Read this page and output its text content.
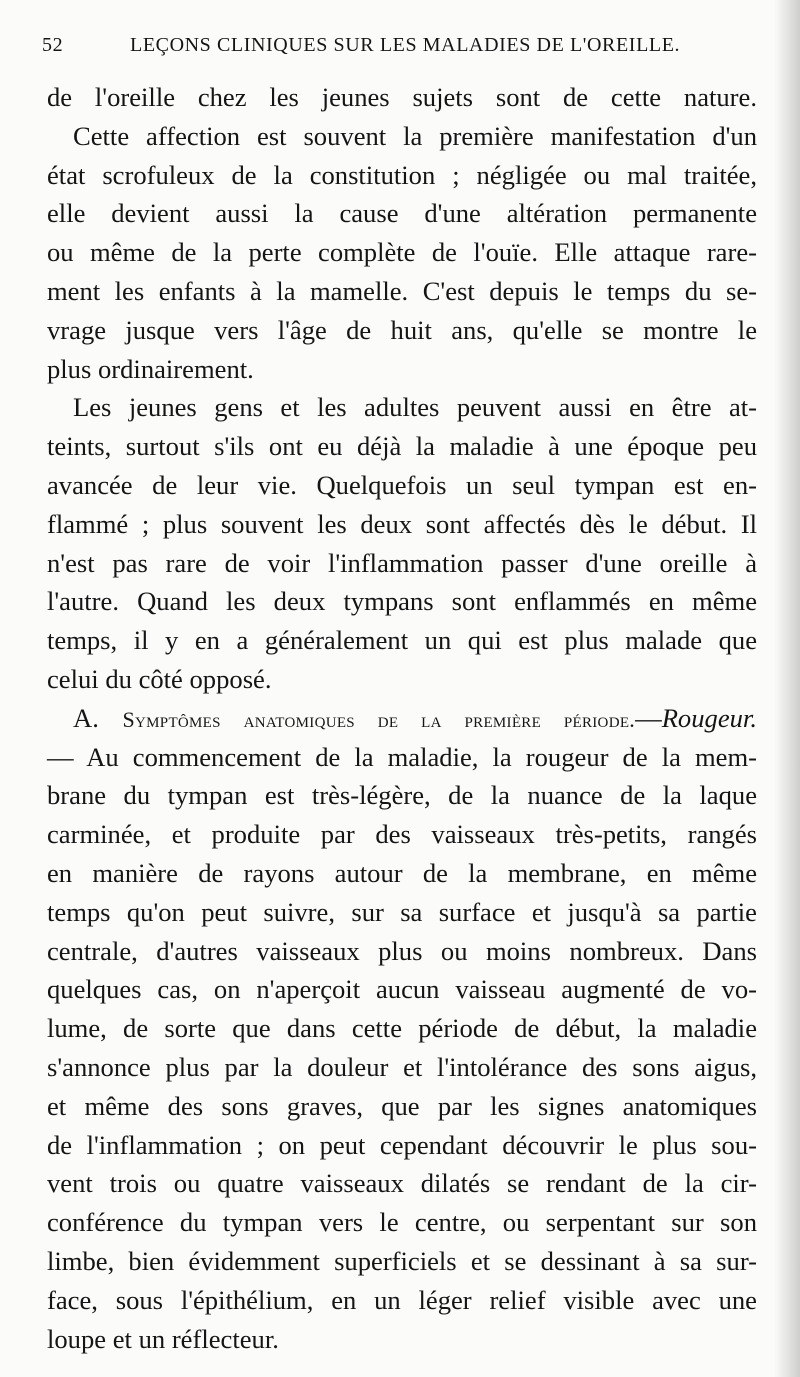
52	LEÇONS CLINIQUES SUR LES MALADIES DE L'OREILLE.
de l'oreille chez les jeunes sujets sont de cette nature.
Cette affection est souvent la première manifestation d'un
état scrofuleux de la constitution ; négligée ou mal traitée,
elle devient aussi la cause d'une altération permanente
ou même de la perte complète de l'ouïe. Elle attaque rare-
ment les enfants à la mamelle. C'est depuis le temps du se-
vrage jusque vers l'âge de huit ans, qu'elle se montre le
plus ordinairement.
Les jeunes gens et les adultes peuvent aussi en être at-
teints, surtout s'ils ont eu déjà la maladie à une époque peu
avancée de leur vie. Quelquefois un seul tympan est en-
flammé ; plus souvent les deux sont affectés dès le début. Il
n'est pas rare de voir l'inflammation passer d'une oreille à
l'autre. Quand les deux tympans sont enflammés en même
temps, il y en a généralement un qui est plus malade que
celui du côté opposé.
A. Symptômes anatomiques de la première période.—Rougeur.
— Au commencement de la maladie, la rougeur de la mem-
brane du tympan est très-légère, de la nuance de la laque
carminée, et produite par des vaisseaux très-petits, rangés
en manière de rayons autour de la membrane, en même
temps qu'on peut suivre, sur sa surface et jusqu'à sa partie
centrale, d'autres vaisseaux plus ou moins nombreux. Dans
quelques cas, on n'aperçoit aucun vaisseau augmenté de vo-
lume, de sorte que dans cette période de début, la maladie
s'annonce plus par la douleur et l'intolérance des sons aigus,
et même des sons graves, que par les signes anatomiques
de l'inflammation ; on peut cependant découvrir le plus sou-
vent trois ou quatre vaisseaux dilatés se rendant de la cir-
conférence du tympan vers le centre, ou serpentant sur son
limbe, bien évidemment superficiels et se dessinant à sa sur-
face, sous l'épithélium, en un léger relief visible avec une
loupe et un réflecteur.
